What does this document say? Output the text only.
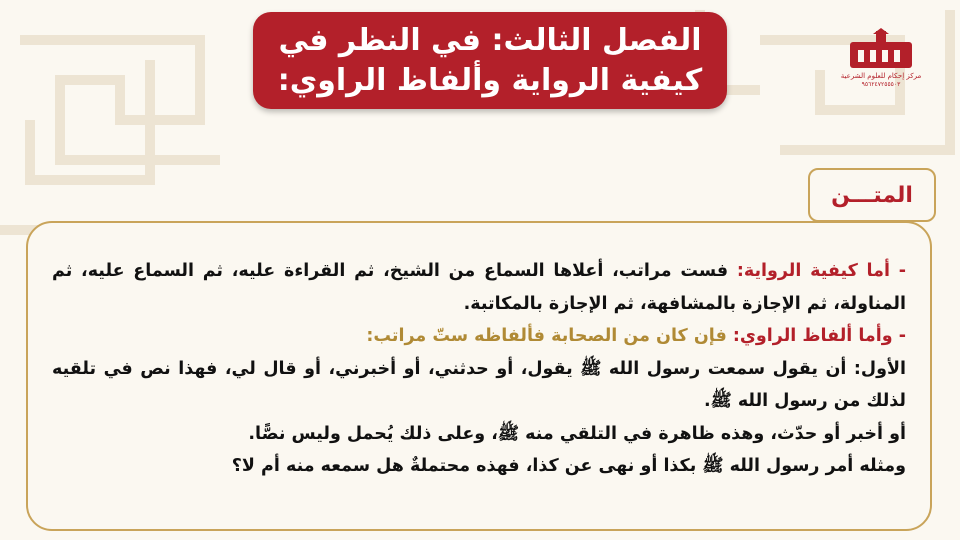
الفصل الثالث: في النظر في
كيفية الرواية وألفاظ الراوي:	مركز إحكام للعلوم الشرعية
٩٥٦٢٤٧٢٥٥٥٠٣
المتـــن

- أما كيفية الرواية: فست مراتب، أعلاها السماع من الشيخ، ثم القراءة عليه، ثم السماع عليه، ثم المناولة، ثم الإجازة بالمشافهة، ثم الإجازة بالمكاتبة.

- وأما ألفاظ الراوي: فإن كان من الصحابة فألفاظه ستّ مراتب:

الأول: أن يقول سمعت رسول الله ﷺ يقول، أو حدثني، أو أخبرني، أو قال لي، فهذا نص في تلقيه لذلك من رسول الله ﷺ.

أو أخبر أو حدّث، وهذه ظاهرة في التلقي منه ﷺ، وعلى ذلك يُحمل وليس نصًّا.

ومثله أمر رسول الله ﷺ بكذا أو نهى عن كذا، فهذه محتملةٌ هل سمعه منه أم لا؟
